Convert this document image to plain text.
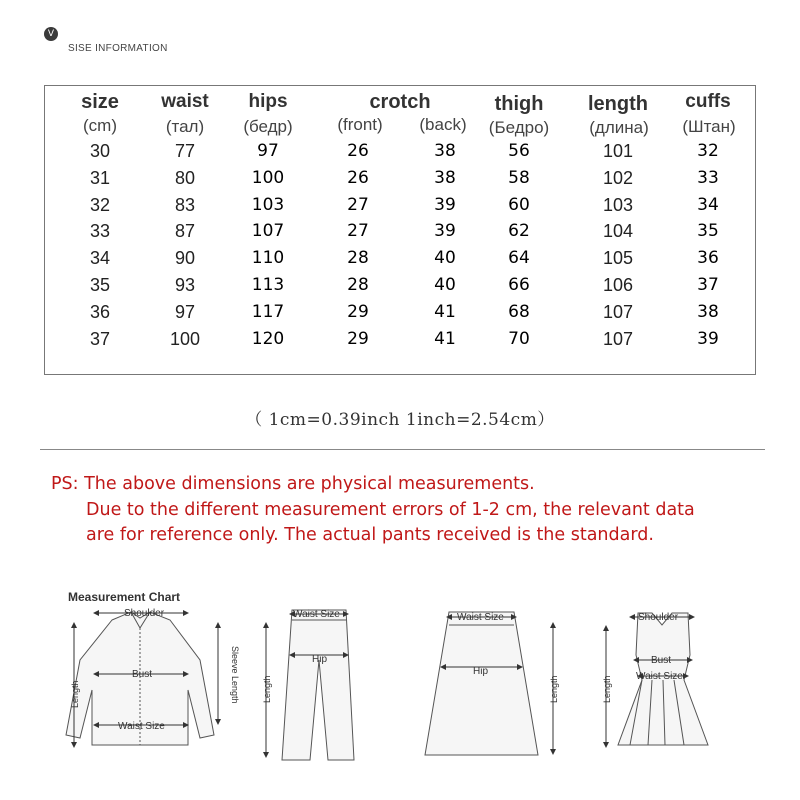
V
SISE INFORMATION
size	waist	hips	crotch	thigh	length	cuffs
(cm)	(тал)	(бедр)	(front)	(back)	(Бедро)	(длина)	(Штан)
30	77	97	26	38	56	101	32
31	80	100	26	38	58	102	33
32	83	103	27	39	60	103	34
33	87	107	27	39	62	104	35
34	90	110	28	40	64	105	36
35	93	113	28	40	66	106	37
36	97	117	29	41	68	107	38
37	100	120	29	41	70	107	39
（ 1cm=0.39inch 1inch=2.54cm）
PS: The above dimensions are physical measurements.
Due to the different measurement errors of 1-2 cm, the relevant data
are for reference only. The actual pants received is the standard.
Measurement Chart
Shoulder
Bust
Waist Size
Length	Sleeve Length
Waist Size
Hip
Length
Waist Size
Hip
Length
Shoulder
Bust
Waist Size
Length
